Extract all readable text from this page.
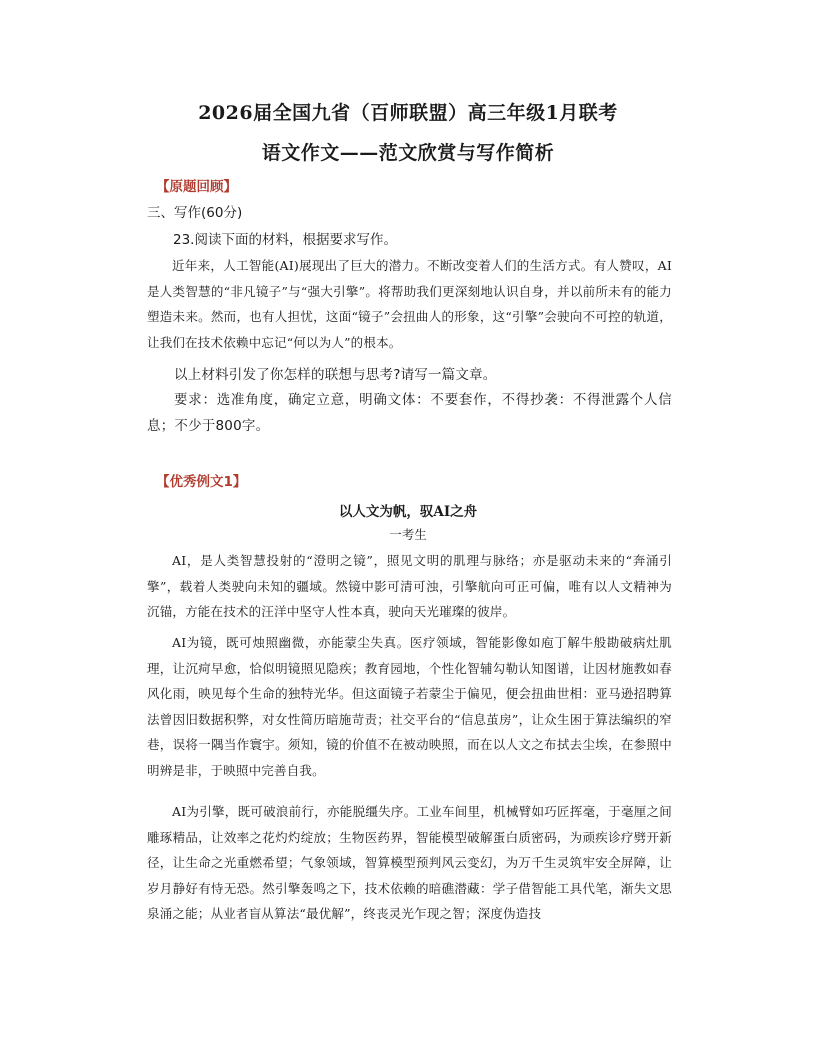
2026届全国九省（百师联盟）高三年级1月联考
语文作文——范文欣赏与写作简析
【原题回顾】
三、写作(60分)
23.阅读下面的材料，根据要求写作。

近年来，人工智能(AI)展现出了巨大的潜力。不断改变着人们的生活方式。有人赞叹，AI是人类智慧的“非凡镜子”与“强大引擎”。将帮助我们更深刻地认识自身，并以前所未有的能力塑造未来。然而，也有人担忧，这面“镜子”会扭曲人的形象，这“引擎”会驶向不可控的轨道，让我们在技术依赖中忘记“何以为人”的根本。

以上材料引发了你怎样的联想与思考?请写一篇文章。

要求：选准角度，确定立意，明确文体：不要套作，不得抄袭：不得泄露个人信息；不少于800字。

【优秀例文1】
以人文为帆，驭AI之舟
一考生

AI，是人类智慧投射的“澄明之镜”，照见文明的肌理与脉络；亦是驱动未来的“奔涌引擎”，载着人类驶向未知的疆域。然镜中影可清可浊，引擎航向可正可偏，唯有以人文精神为沉锚，方能在技术的汪洋中坚守人性本真，驶向天光璀璨的彼岸。

AI为镜，既可烛照幽微，亦能蒙尘失真。医疗领域，智能影像如庖丁解牛般勘破病灶肌理，让沉疴早愈，恰似明镜照见隐疾；教育园地，个性化智辅勾勒认知图谱，让因材施教如春风化雨，映见每个生命的独特光华。但这面镜子若蒙尘于偏见，便会扭曲世相：亚马逊招聘算法曾因旧数据积弊，对女性简历暗施苛责；社交平台的“信息茧房”，让众生困于算法编织的窄巷，误将一隅当作寰宇。须知，镜的价值不在被动映照，而在以人文之布拭去尘埃，在参照中明辨是非，于映照中完善自我。

AI为引擎，既可破浪前行，亦能脱缰失序。工业车间里，机械臂如巧匠挥毫，于毫厘之间雕琢精品，让效率之花灼灼绽放；生物医药界，智能模型破解蛋白质密码，为顽疾诊疗劈开新径，让生命之光重燃希望；气象领域，智算模型预判风云变幻，为万千生灵筑牢安全屏障，让岁月静好有恃无恐。然引擎轰鸣之下，技术依赖的暗礁潜藏：学子借智能工具代笔，渐失文思泉涌之能；从业者盲从算法“最优解”，终丧灵光乍现之智；深度伪造技
